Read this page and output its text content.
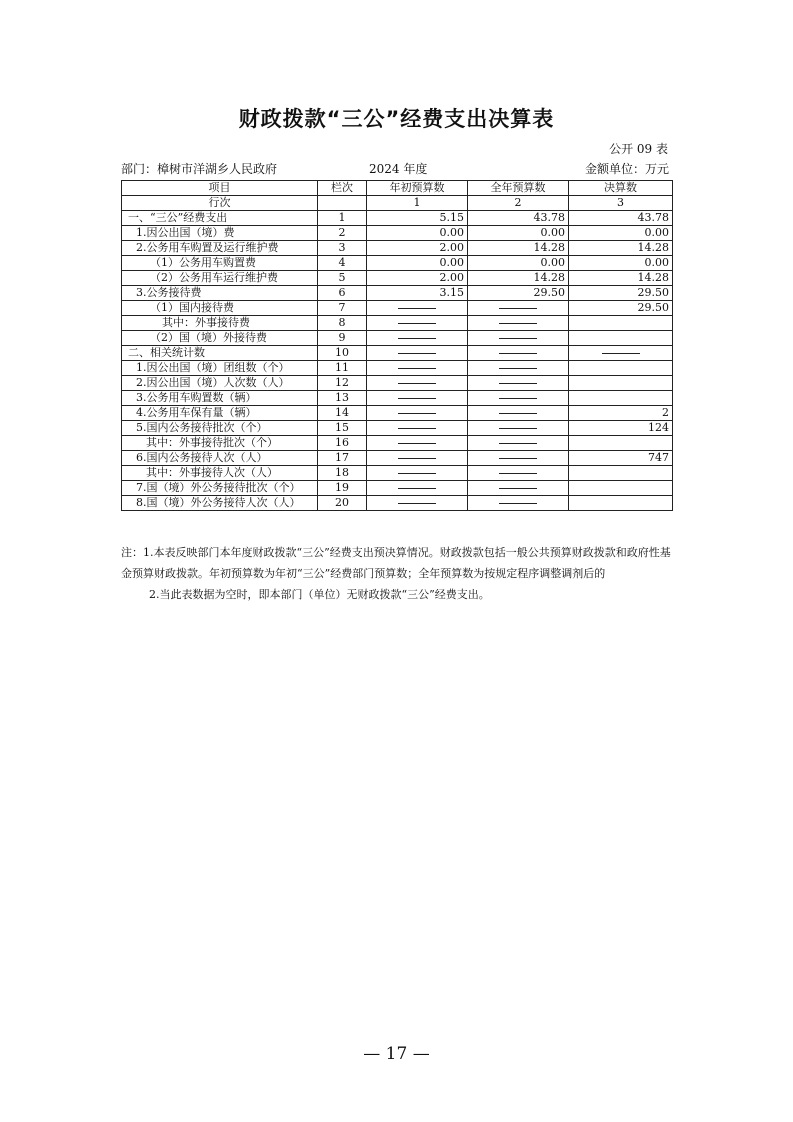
财政拨款“三公”经费支出决算表
公开 09 表
部门：樟树市洋湖乡人民政府	2024 年度	金额单位：万元
项目	栏次	年初预算数	全年预算数	决算数
行次		1	2	3
一、“三公”经费支出	1	5.15	43.78	43.78
1.因公出国（境）费	2	0.00	0.00	0.00
2.公务用车购置及运行维护费	3	2.00	14.28	14.28
（1）公务用车购置费	4	0.00	0.00	0.00
（2）公务用车运行维护费	5	2.00	14.28	14.28
3.公务接待费	6	3.15	29.50	29.50
（1）国内接待费	7			29.50
其中：外事接待费	8			
（2）国（境）外接待费	9			
二、相关统计数	10			
1.因公出国（境）团组数（个）	11			
2.因公出国（境）人次数（人）	12			
3.公务用车购置数（辆）	13			
4.公务用车保有量（辆）	14			2
5.国内公务接待批次（个）	15			124
其中：外事接待批次（个）	16			
6.国内公务接待人次（人）	17			747
其中：外事接待人次（人）	18			
7.国（境）外公务接待批次（个）	19			
8.国（境）外公务接待人次（人）	20			

注：1.本表反映部门本年度财政拨款“三公”经费支出预决算情况。财政拨款包括一般公共预算财政拨款和政府性基金预算财政拨款。年初预算数为年初“三公”经费部门预算数；全年预算数为按规定程序调整调剂后的

2.当此表数据为空时，即本部门（单位）无财政拨款“三公”经费支出。

— 17 —
